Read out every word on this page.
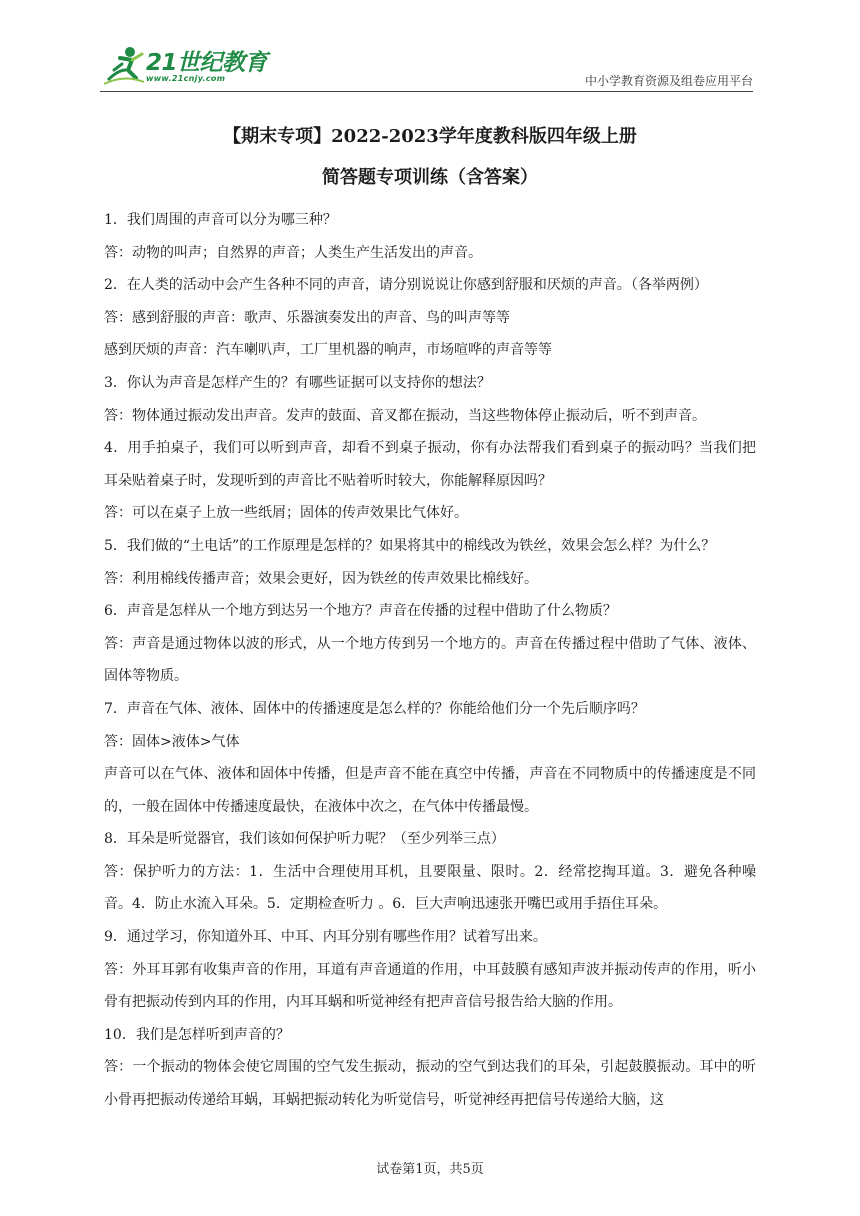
21世纪教育
www.21cnjy.com	中小学教育资源及组卷应用平台
【期末专项】2022-2023学年度教科版四年级上册
简答题专项训练（含答案）

1．我们周围的声音可以分为哪三种？

答：动物的叫声；自然界的声音；人类生产生活发出的声音。

2．在人类的活动中会产生各种不同的声音，请分别说说让你感到舒服和厌烦的声音。（各举两例）

答：感到舒服的声音：歌声、乐器演奏发出的声音、鸟的叫声等等

感到厌烦的声音：汽车喇叭声，工厂里机器的响声，市场喧哗的声音等等

3．你认为声音是怎样产生的？有哪些证据可以支持你的想法？

答：物体通过振动发出声音。发声的鼓面、音叉都在振动，当这些物体停止振动后，听不到声音。

4．用手拍桌子，我们可以听到声音，却看不到桌子振动，你有办法帮我们看到桌子的振动吗？当我们把耳朵贴着桌子时，发现听到的声音比不贴着听时较大，你能解释原因吗？

答：可以在桌子上放一些纸屑；固体的传声效果比气体好。

5．我们做的“土电话”的工作原理是怎样的？如果将其中的棉线改为铁丝，效果会怎么样？为什么？

答：利用棉线传播声音；效果会更好，因为铁丝的传声效果比棉线好。

6．声音是怎样从一个地方到达另一个地方？声音在传播的过程中借助了什么物质？

答：声音是通过物体以波的形式，从一个地方传到另一个地方的。声音在传播过程中借助了气体、液体、固体等物质。

7．声音在气体、液体、固体中的传播速度是怎么样的？你能给他们分一个先后顺序吗？

答：固体>液体>气体

声音可以在气体、液体和固体中传播，但是声音不能在真空中传播，声音在不同物质中的传播速度是不同的，一般在固体中传播速度最快，在液体中次之，在气体中传播最慢。

8．耳朵是听觉器官，我们该如何保护听力呢？（至少列举三点）

答：保护听力的方法：1．生活中合理使用耳机，且要限量、限时。2．经常挖掏耳道。3．避免各种噪音。4．防止水流入耳朵。5．定期检查听力 。6．巨大声响迅速张开嘴巴或用手捂住耳朵。

9．通过学习，你知道外耳、中耳、内耳分别有哪些作用？试着写出来。

答：外耳耳郭有收集声音的作用，耳道有声音通道的作用，中耳鼓膜有感知声波并振动传声的作用，听小骨有把振动传到内耳的作用，内耳耳蜗和听觉神经有把声音信号报告给大脑的作用。

10．我们是怎样听到声音的？

答：一个振动的物体会使它周围的空气发生振动，振动的空气到达我们的耳朵，引起鼓膜振动。耳中的听小骨再把振动传递给耳蜗，耳蜗把振动转化为听觉信号，听觉神经再把信号传递给大脑，这

试卷第1页，共5页
